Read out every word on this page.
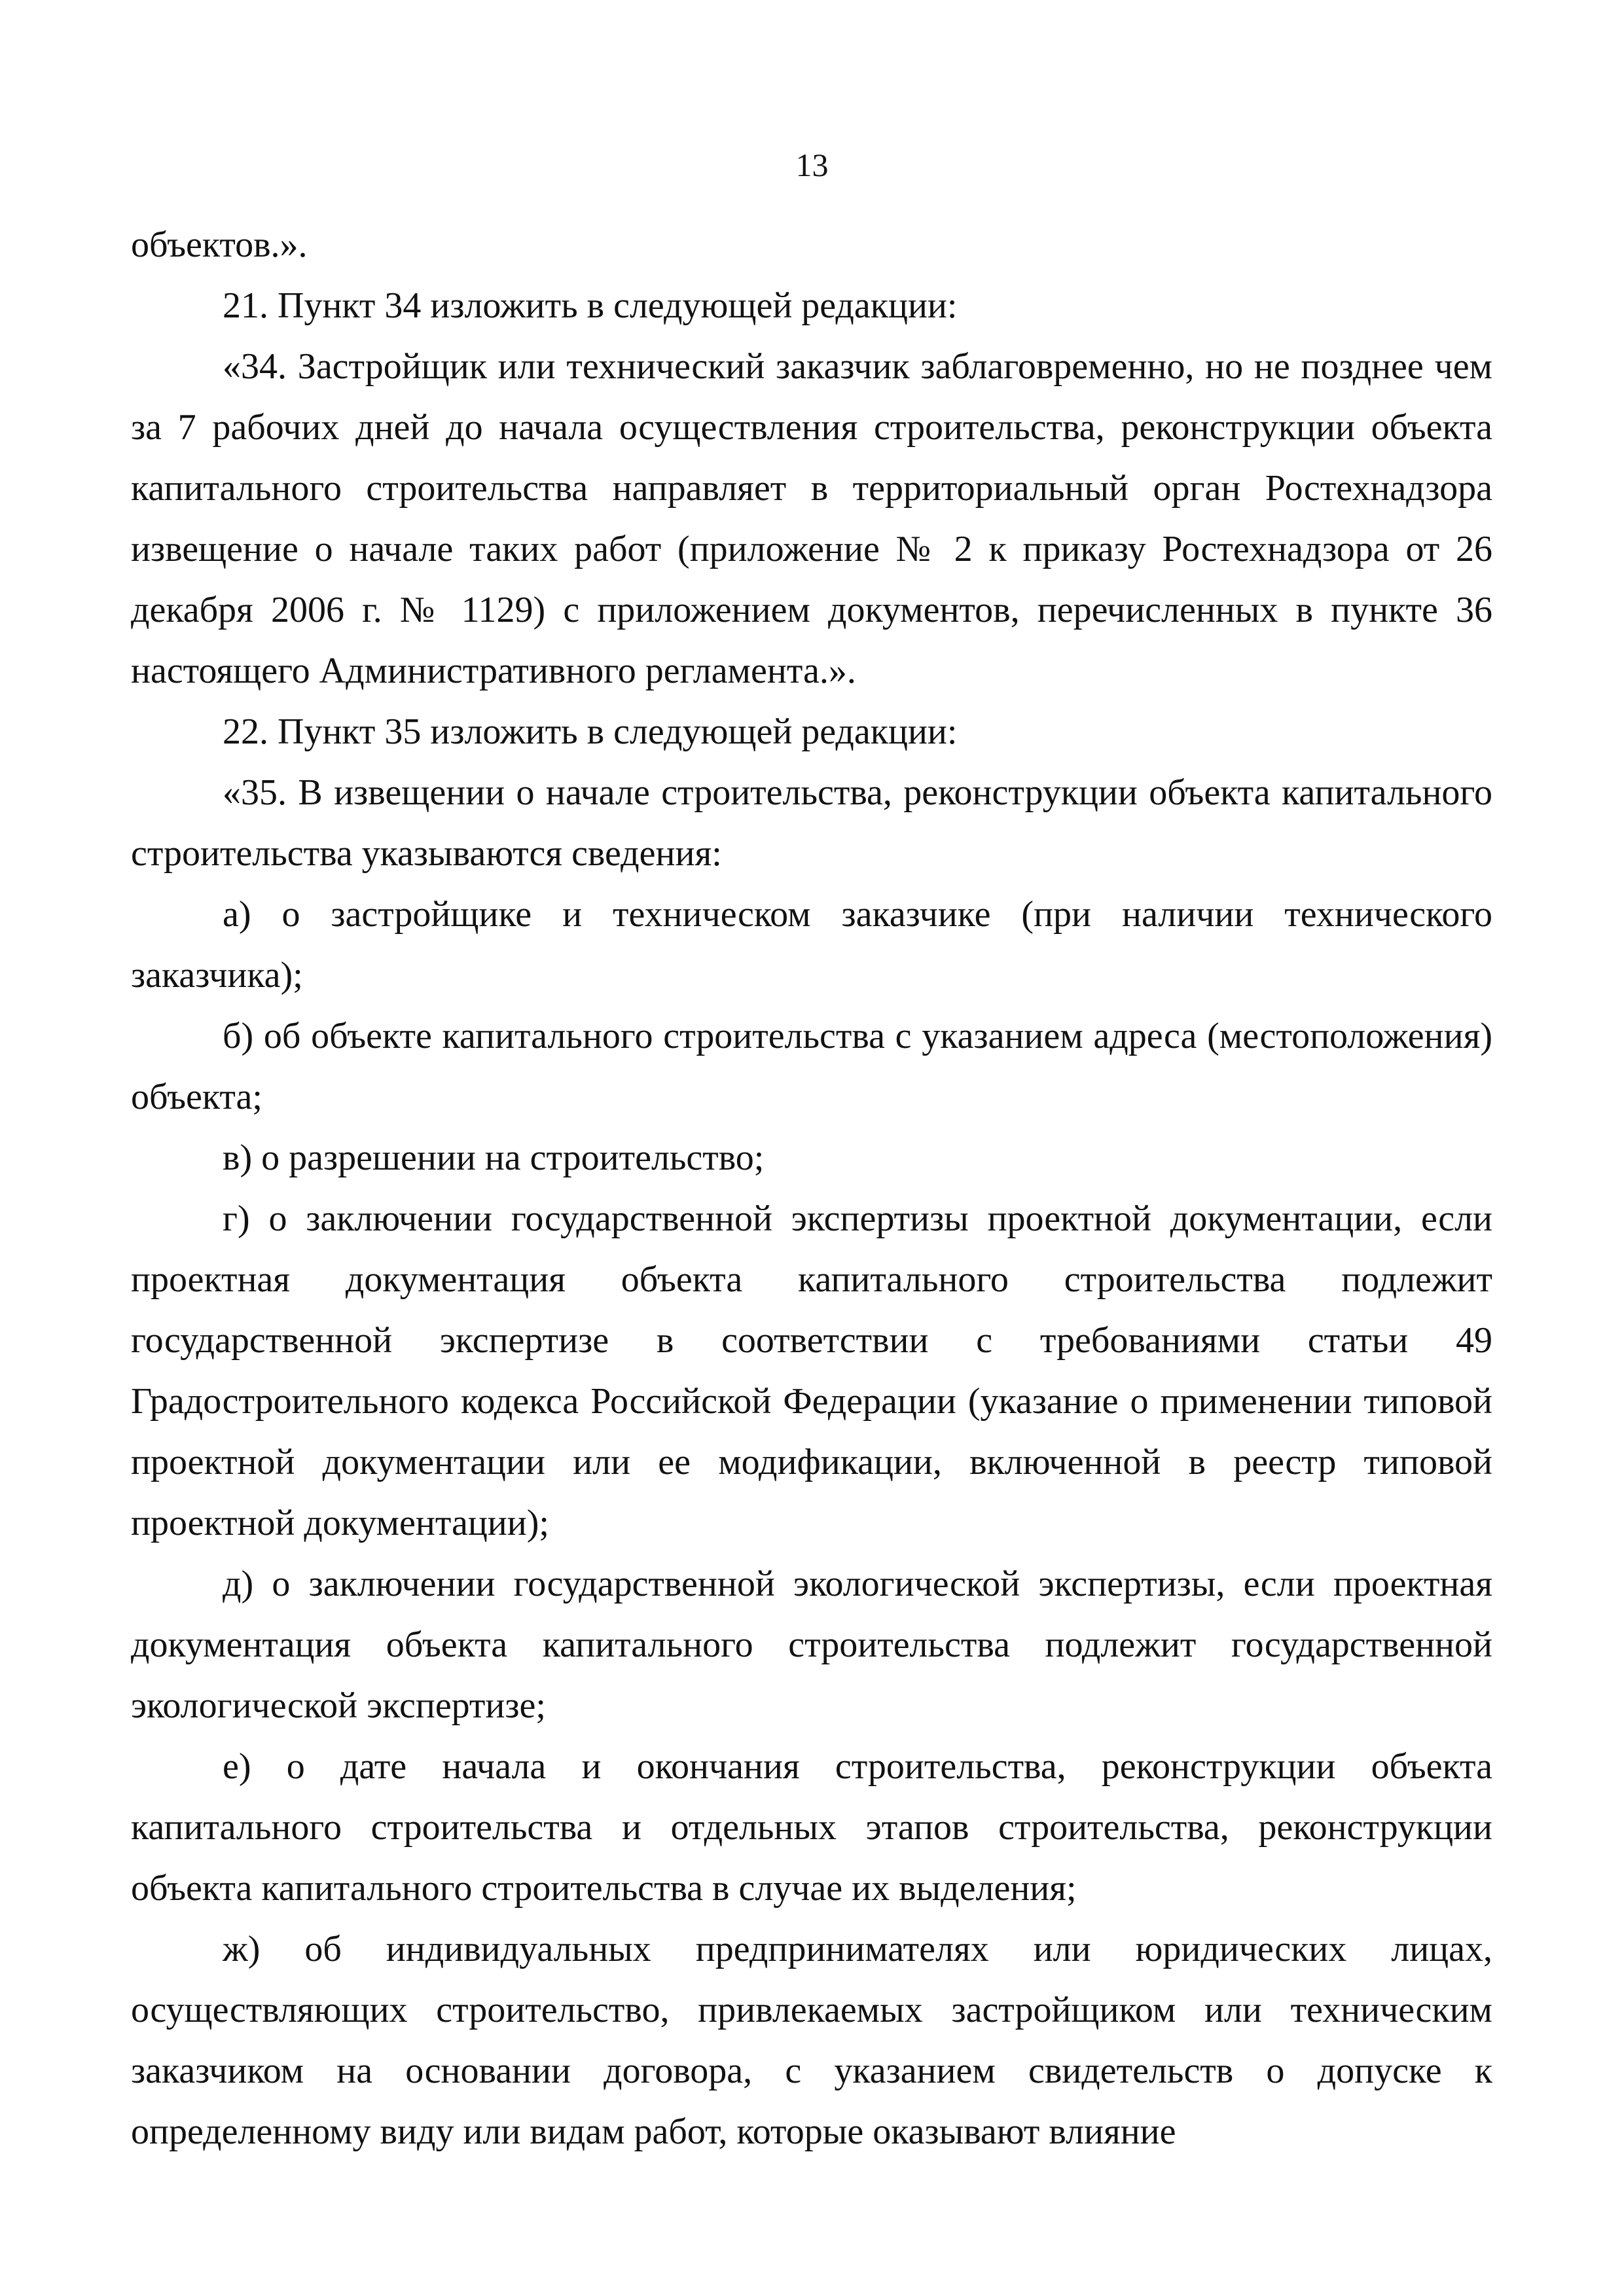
13

объектов.».

21. Пункт 34 изложить в следующей редакции:

«34. Застройщик или технический заказчик заблаговременно, но не позднее чем за 7 рабочих дней до начала осуществления строительства, реконструкции объекта капитального строительства направляет в территориальный орган Ростехнадзора извещение о начале таких работ (приложение № 2 к приказу Ростехнадзора от 26 декабря 2006 г. № 1129) с приложением документов, перечисленных в пункте 36 настоящего Административного регламента.».

22. Пункт 35 изложить в следующей редакции:

«35. В извещении о начале строительства, реконструкции объекта капитального строительства указываются сведения:

а) о застройщике и техническом заказчике (при наличии технического заказчика);

б) об объекте капитального строительства с указанием адреса (местоположения) объекта;

в) о разрешении на строительство;

г) о заключении государственной экспертизы проектной документации, если проектная документация объекта капитального строительства подлежит государственной экспертизе в соответствии с требованиями статьи 49 Градостроительного кодекса Российской Федерации (указание о применении типовой проектной документации или ее модификации, включенной в реестр типовой проектной документации);

д) о заключении государственной экологической экспертизы, если проектная документация объекта капитального строительства подлежит государственной экологической экспертизе;

е) о дате начала и окончания строительства, реконструкции объекта капитального строительства и отдельных этапов строительства, реконструкции объекта капитального строительства в случае их выделения;

ж) об индивидуальных предпринимателях или юридических лицах, осуществляющих строительство, привлекаемых застройщиком или техническим заказчиком на основании договора, с указанием свидетельств о допуске к определенному виду или видам работ, которые оказывают влияние
